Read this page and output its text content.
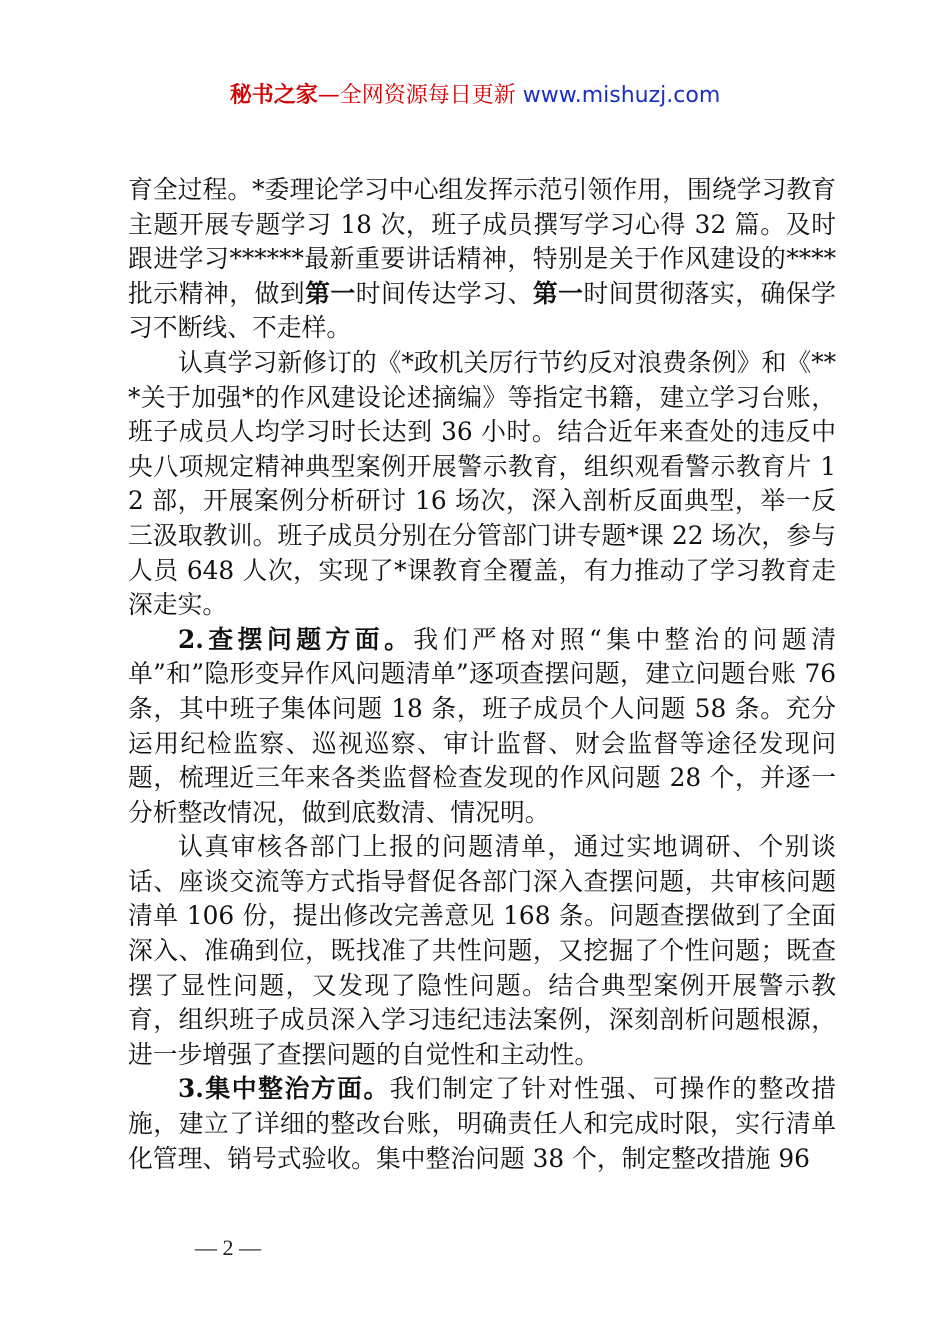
秘书之家—全网资源每日更新 www.mishuzj.com

育全过程。*委理论学习中心组发挥示范引领作用，围绕学习教育主题开展专题学习 18 次，班子成员撰写学习心得 32 篇。及时跟进学习******最新重要讲话精神，特别是关于作风建设的****批示精神，做到第一时间传达学习、第一时间贯彻落实，确保学习不断线、不走样。

认真学习新修订的《*政机关厉行节约反对浪费条例》和《***关于加强*的作风建设论述摘编》等指定书籍，建立学习台账，班子成员人均学习时长达到 36 小时。结合近年来查处的违反中央八项规定精神典型案例开展警示教育，组织观看警示教育片 12 部，开展案例分析研讨 16 场次，深入剖析反面典型，举一反三汲取教训。班子成员分别在分管部门讲专题*课 22 场次，参与人员 648 人次，实现了*课教育全覆盖，有力推动了学习教育走深走实。

2.查摆问题方面。我们严格对照“集中整治的问题清单”和”隐形变异作风问题清单”逐项查摆问题，建立问题台账 76 条，其中班子集体问题 18 条，班子成员个人问题 58 条。充分运用纪检监察、巡视巡察、审计监督、财会监督等途径发现问题，梳理近三年来各类监督检查发现的作风问题 28 个，并逐一分析整改情况，做到底数清、情况明。

认真审核各部门上报的问题清单，通过实地调研、个别谈话、座谈交流等方式指导督促各部门深入查摆问题，共审核问题清单 106 份，提出修改完善意见 168 条。问题查摆做到了全面深入、准确到位，既找准了共性问题，又挖掘了个性问题；既查摆了显性问题，又发现了隐性问题。结合典型案例开展警示教育，组织班子成员深入学习违纪违法案例，深刻剖析问题根源，进一步增强了查摆问题的自觉性和主动性。

3.集中整治方面。我们制定了针对性强、可操作的整改措施，建立了详细的整改台账，明确责任人和完成时限，实行清单化管理、销号式验收。集中整治问题 38 个，制定整改措施 96

— 2 —
